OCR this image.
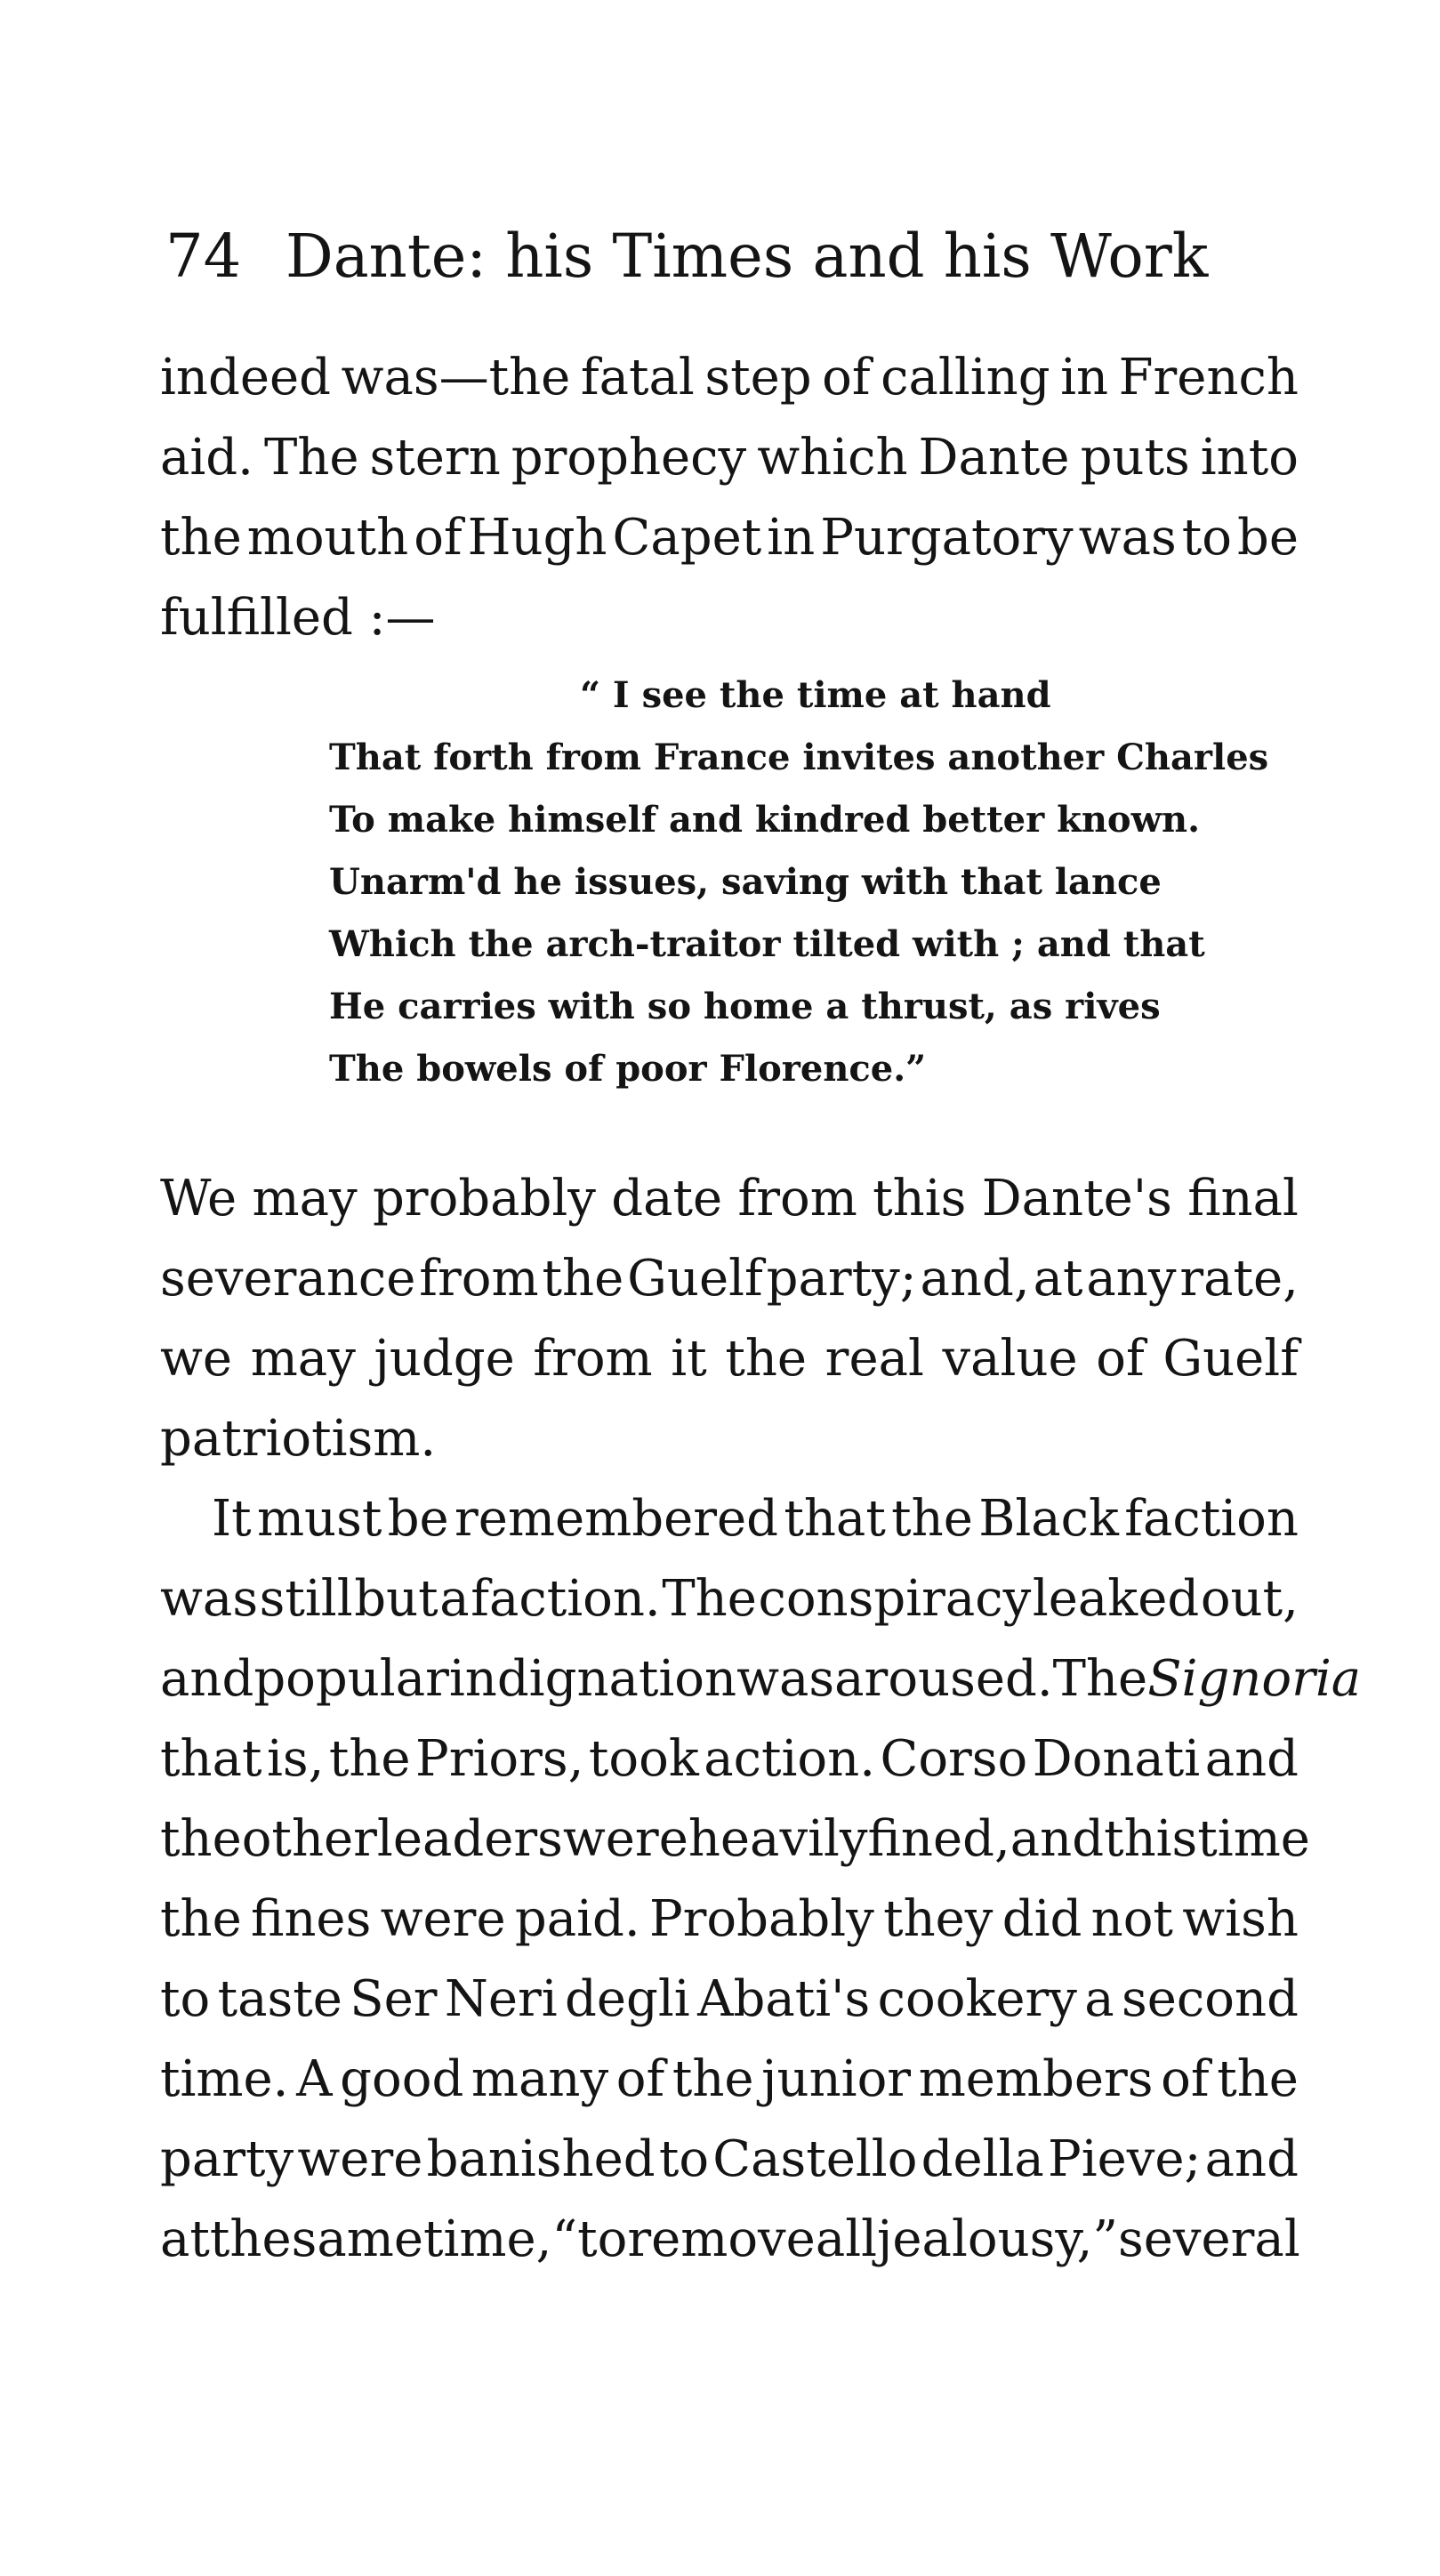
74 Dante: his Times and his Work
indeed was—the fatal step of calling in French
aid. The stern prophecy which Dante puts into
the mouth of Hugh Capet in Purgatory was to be
fulfilled :—
“ I see the time at hand
That forth from France invites another Charles
To make himself and kindred better known.
Unarm'd he issues, saving with that lance
Which the arch-traitor tilted with ; and that
He carries with so home a thrust, as rives
The bowels of poor Florence.”
We may probably date from this Dante's final
severance from the Guelf party; and, at any rate,
we may judge from it the real value of Guelf
patriotism.
It must be remembered that the Black faction
was still but a faction. The conspiracy leaked out,
and popular indignation was aroused. The Signoria
that is, the Priors, took action. Corso Donati and
the other leaders were heavily fined, and this time
the fines were paid. Probably they did not wish
to taste Ser Neri degli Abati's cookery a second
time. A good many of the junior members of the
party were banished to Castello della Pieve; and
at the same time, “to remove all jealousy,” several
